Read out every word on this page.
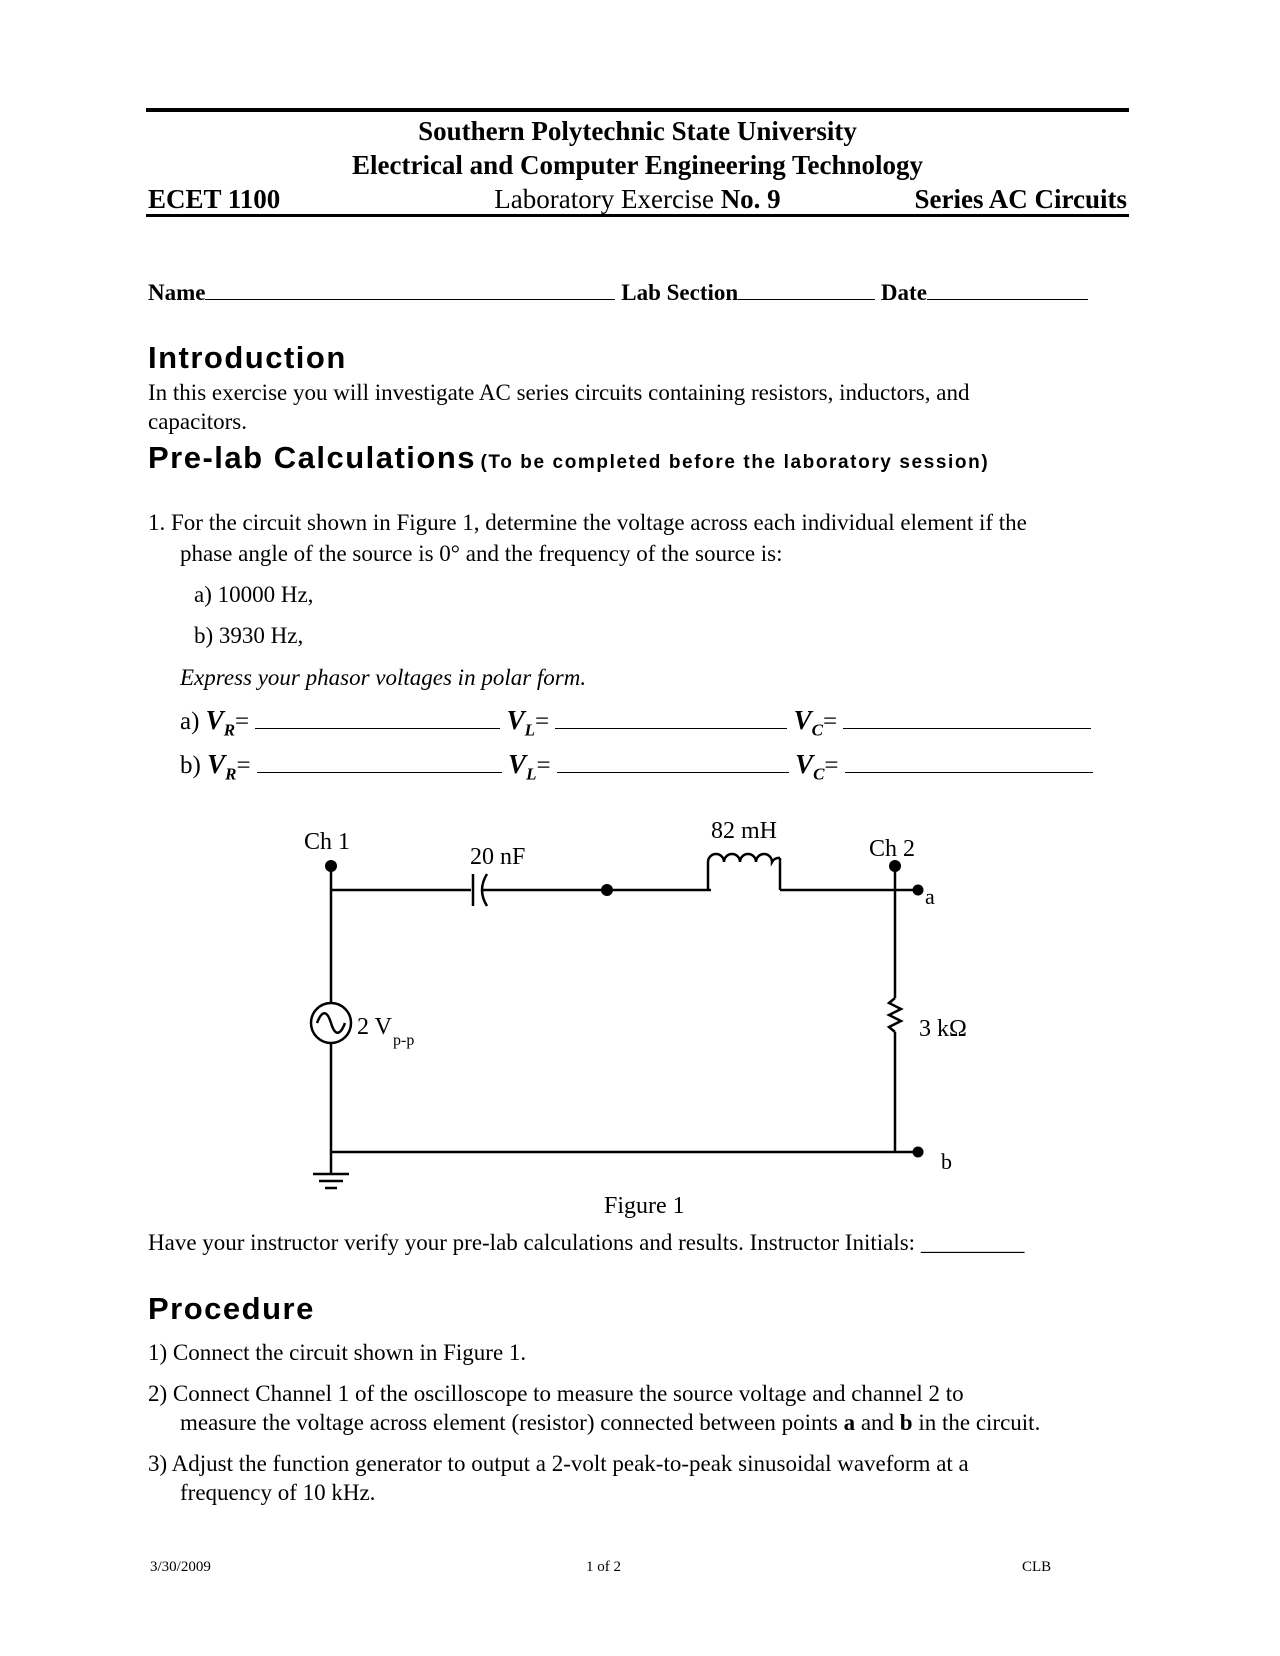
Southern Polytechnic State University
Electrical and Computer Engineering Technology
ECET 1100	Laboratory Exercise No. 9	Series AC Circuits
Name	Lab Section	Date
Introduction
In this exercise you will investigate AC series circuits containing resistors, inductors, and
capacitors.
Pre-lab Calculations (To be completed before the laboratory session)
1. For the circuit shown in Figure 1, determine the voltage across each individual element if the
phase angle of the source is 0° and the frequency of the source is:
a) 10000 Hz,
b) 3930 Hz,
Express your phasor voltages in polar form.
a) $V_R=$	$V_L=$	$V_C=$
b) $V_R=$	$V_L=$	$V_C=$
Ch 1
20 nF
82 mH
Ch 2
a
3 kΩ
2 V
p-p
b
Figure 1
Have your instructor verify your pre-lab calculations and results. Instructor Initials: _________
Procedure
1) Connect the circuit shown in Figure 1.
2) Connect Channel 1 of the oscilloscope to measure the source voltage and channel 2 to
measure the voltage across element (resistor) connected between points a and b in the circuit.
3) Adjust the function generator to output a 2-volt peak-to-peak sinusoidal waveform at a
frequency of 10 kHz.
3/30/2009	1 of 2	CLB
